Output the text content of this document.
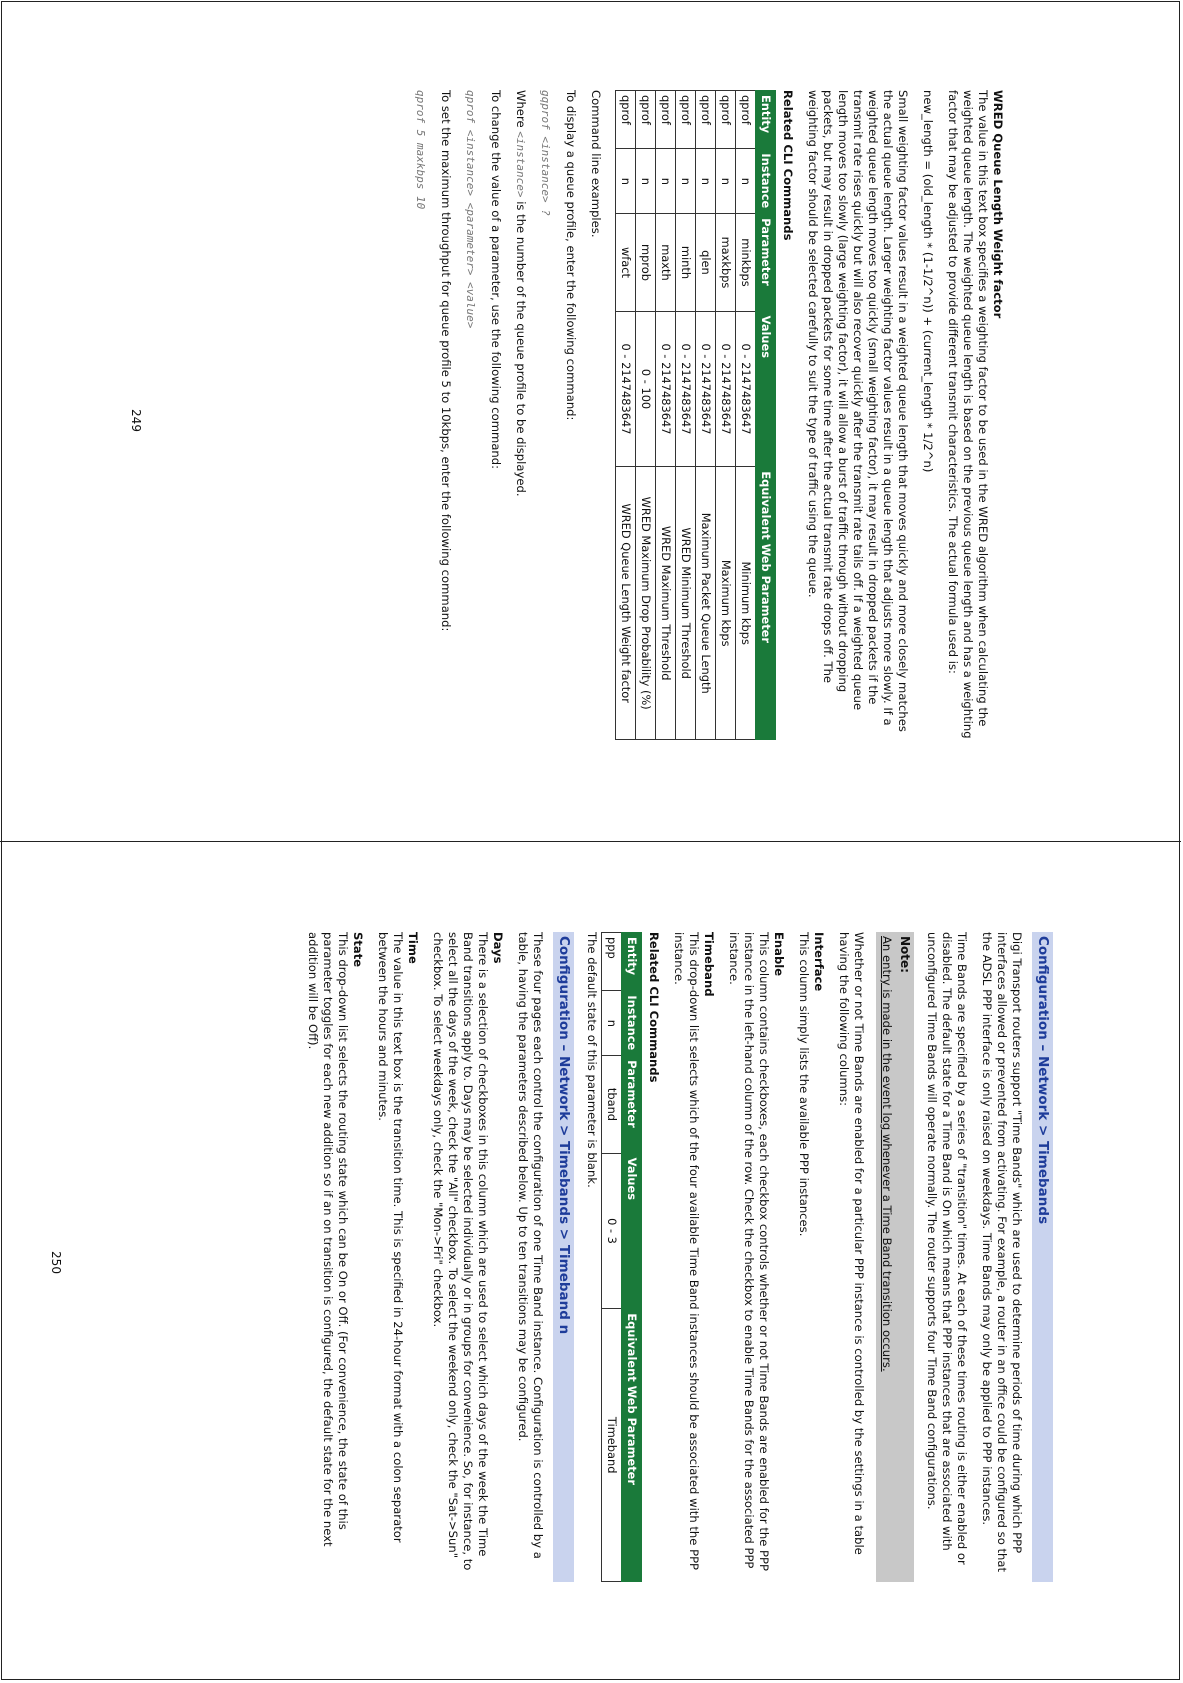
WRED Queue Length Weight factor

The value in this text box specifies a weighting factor to be used in the WRED algorithm when calculating the weighted queue length. The weighted queue length is based on the previous queue length and has a weighting factor that may be adjusted to provide different transmit characteristics. The actual formula used is:

new_length = (old_length * (1-1/2^n)) + (current_length * 1/2^n)

Small weighting factor values result in a weighted queue length that moves quickly and more closely matches the actual queue length. Larger weighting factor values result in a queue length that adjusts more slowly. If a weighted queue length moves too quickly (small weighting factor), it may result in dropped packets if the transmit rate rises quickly but will also recover quickly after the transmit rate tails off. If a weighted queue length moves too slowly (large weighting factor), it will allow a burst of traffic through without dropping packets, but may result in dropped packets for some time after the actual transmit rate drops off. The weighting factor should be selected carefully to suit the type of traffic using the queue.

Related CLI Commands

Entity	Instance	Parameter	Values	Equivalent Web Parameter
qprof	n	minkbps	0 - 2147483647	Minimum kbps
qprof	n	maxkbps	0 - 2147483647	Maximum kbps
qprof	n	qlen	0 - 2147483647	Maximum Packet Queue Length
qprof	n	minth	0 - 2147483647	WRED Minimum Threshold
qprof	n	maxth	0 - 2147483647	WRED Maximum Threshold
qprof	n	mprob	0 - 100	WRED Maximum Drop Probability (%)
qprof	n	wfact	0 - 2147483647	WRED Queue Length Weight factor

Command line examples.

To display a queue profile, enter the following command:

gqprof <instance> ?

Where <instance> is the number of the queue profile to be displayed.

To change the value of a parameter, use the following command:

qprof <instance> <parameter> <value>

To set the maximum throughput for queue profile 5 to 10kbps, enter the following command:

qprof 5 maxkbps 10

249
Configuration – Network > Timebands

Digi Transport routers support "Time Bands" which are used to determine periods of time during which PPP interfaces allowed or prevented from activating. For example, a router in an office could be configured so that the ADSL PPP interface is only raised on weekdays. Time Bands may only be applied to PPP instances.

Time Bands are specified by a series of "transition" times. At each of these times routing is either enabled or disabled. The default state for a Time Band is On which means that PPP instances that are associated with unconfigured Time Bands will operate normally. The router supports four Time Band configurations.

Note:
An entry is made in the event log whenever a Time Band transition occurs.

Whether or not Time Bands are enabled for a particular PPP instance is controlled by the settings in a table having the following columns:

Interface

This column simply lists the available PPP instances.

Enable

This column contains checkboxes, each checkbox controls whether or not Time Bands are enabled for the PPP instance in the left-hand column of the row. Check the checkbox to enable Time Bands for the associated PPP instance.

Timeband

This drop-down list selects which of the four available Time Band instances should be associated with the PPP instance.

Related CLI Commands

Entity	Instance	Parameter	Values	Equivalent Web Parameter
ppp	n	tband	0 - 3	Timeband

The default state of this parameter is blank.

Configuration – Network > Timebands > Timeband n

These four pages each control the configuration of one Time Band instance. Configuration is controlled by a table, having the parameters described below. Up to ten transitions may be configured.

Days

There is a selection of checkboxes in this column which are used to select which days of the week the Time Band transitions apply to. Days may be selected individually or in groups for convenience. So, for instance, to select all the days of the week, check the "All" checkbox. To select the weekend only, check the "Sat->Sun" checkbox. To select weekdays only, check the "Mon->Fri" checkbox.

Time

The value in this text box is the transition time. This is specified in 24-hour format with a colon separator between the hours and minutes.

State

This drop-down list selects the routing state which can be On or Off. (For convenience, the state of this parameter toggles for each new addition so if an on transition is configured, the default state for the next addition will be Off).

250
